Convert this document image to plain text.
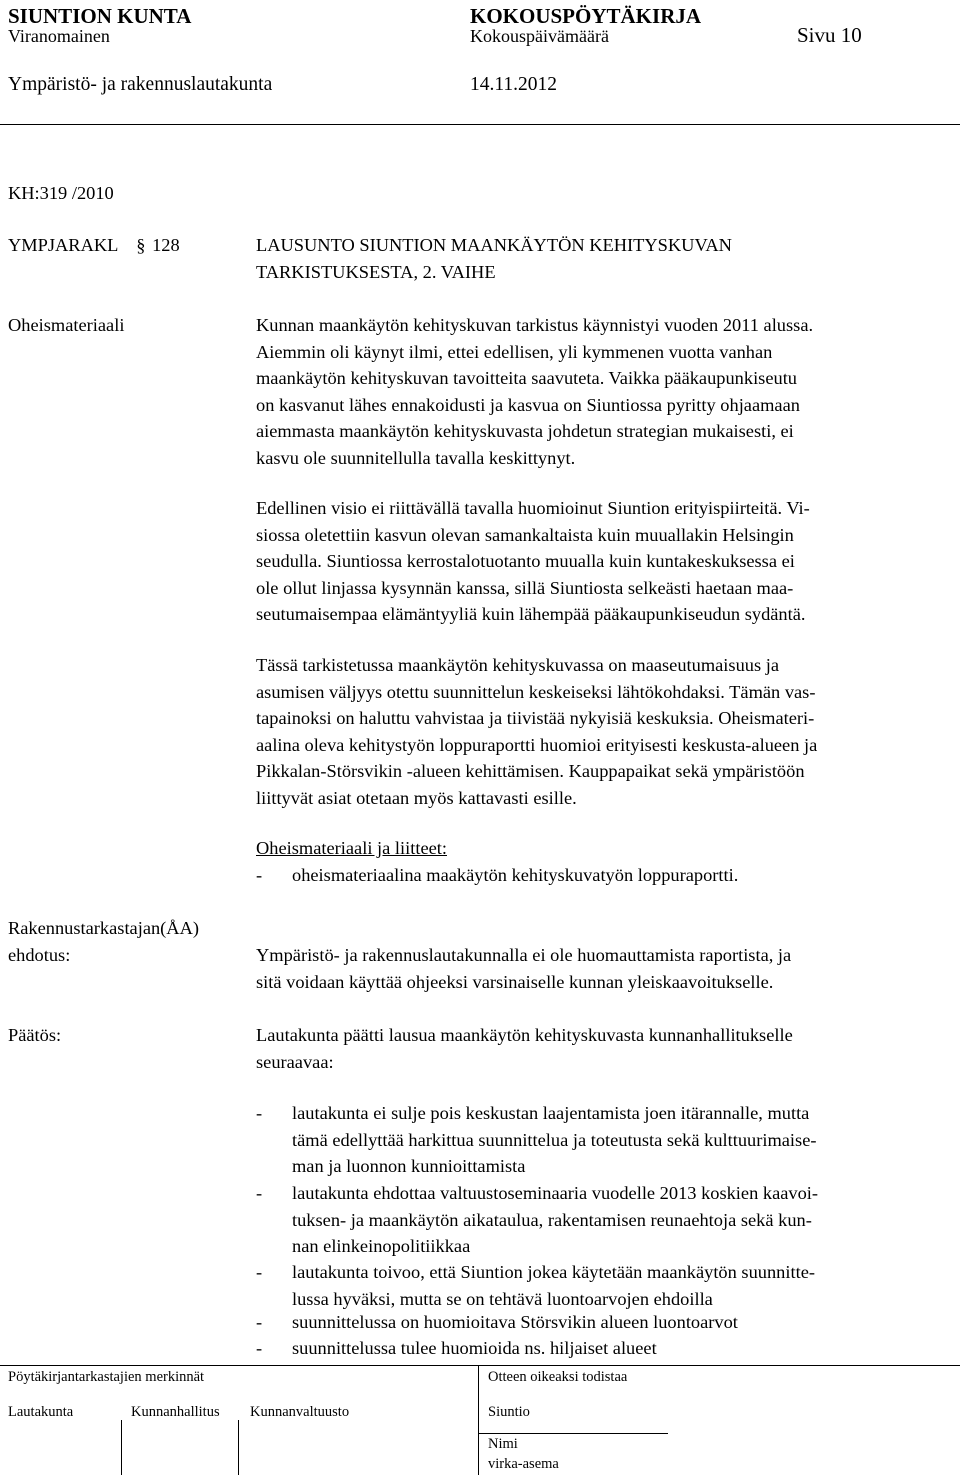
SIUNTION KUNTA	KOKOUSPÖYTÄKIRJA
Viranomainen	Kokouspäivämäärä	Sivu 10
Ympäristö- ja rakennuslautakunta	14.11.2012
KH:319 /2010
YMPJARAKL § 128	LAUSUNTO SIUNTION MAANKÄYTÖN KEHITYSKUVAN
TARKISTUKSESTA, 2. VAIHE
Oheismateriaali	Kunnan maankäytön kehityskuvan tarkistus käynnistyi vuoden 2011 alussa.
Aiemmin oli käynyt ilmi, ettei edellisen, yli kymmenen vuotta vanhan
maankäytön kehityskuvan tavoitteita saavuteta. Vaikka pääkaupunkiseutu
on kasvanut lähes ennakoidusti ja kasvua on Siuntiossa pyritty ohjaamaan
aiemmasta maankäytön kehityskuvasta johdetun strategian mukaisesti, ei
kasvu ole suunnitellulla tavalla keskittynyt.
Edellinen visio ei riittävällä tavalla huomioinut Siuntion erityispiirteitä. Vi-
siossa oletettiin kasvun olevan samankaltaista kuin muuallakin Helsingin
seudulla. Siuntiossa kerrostalotuotanto muualla kuin kuntakeskuksessa ei
ole ollut linjassa kysynnän kanssa, sillä Siuntiosta selkeästi haetaan maa-
seutumaisempaa elämäntyyliä kuin lähempää pääkaupunkiseudun sydäntä.
Tässä tarkistetussa maankäytön kehityskuvassa on maaseutumaisuus ja
asumisen väljyys otettu suunnittelun keskeiseksi lähtökohdaksi. Tämän vas-
tapainoksi on haluttu vahvistaa ja tiivistää nykyisiä keskuksia. Oheismateri-
aalina oleva kehitystyön loppuraportti huomioi erityisesti keskusta-alueen ja
Pikkalan-Störsvikin -alueen kehittämisen. Kauppapaikat sekä ympäristöön
liittyvät asiat otetaan myös kattavasti esille.
Oheismateriaali ja liitteet:
- oheismateriaalina maakäytön kehityskuvatyön loppuraportti.
Rakennustarkastajan(ÅA)
ehdotus:	Ympäristö- ja rakennuslautakunnalla ei ole huomauttamista raportista, ja
sitä voidaan käyttää ohjeeksi varsinaiselle kunnan yleiskaavoitukselle.
Päätös:	Lautakunta päätti lausua maankäytön kehityskuvasta kunnanhallitukselle
seuraavaa:
- lautakunta ei sulje pois keskustan laajentamista joen itärannalle, mutta
tämä edellyttää harkittua suunnittelua ja toteutusta sekä kulttuurimaise-
man ja luonnon kunnioittamista
- lautakunta ehdottaa valtuustoseminaaria vuodelle 2013 koskien kaavoi-
tuksen- ja maankäytön aikataulua, rakentamisen reunaehtoja sekä kun-
nan elinkeinopolitiikkaa
- lautakunta toivoo, että Siuntion jokea käytetään maankäytön suunnitte-
lussa hyväksi, mutta se on tehtävä luontoarvojen ehdoilla
- suunnittelussa on huomioitava Störsvikin alueen luontoarvot
- suunnittelussa tulee huomioida ns. hiljaiset alueet
Pöytäkirjantarkastajien merkinnät
Lautakunta	Kunnanhallitus Kunnanvaltuusto
Otteen oikeaksi todistaa
Siuntio
Nimi
virka-asema
